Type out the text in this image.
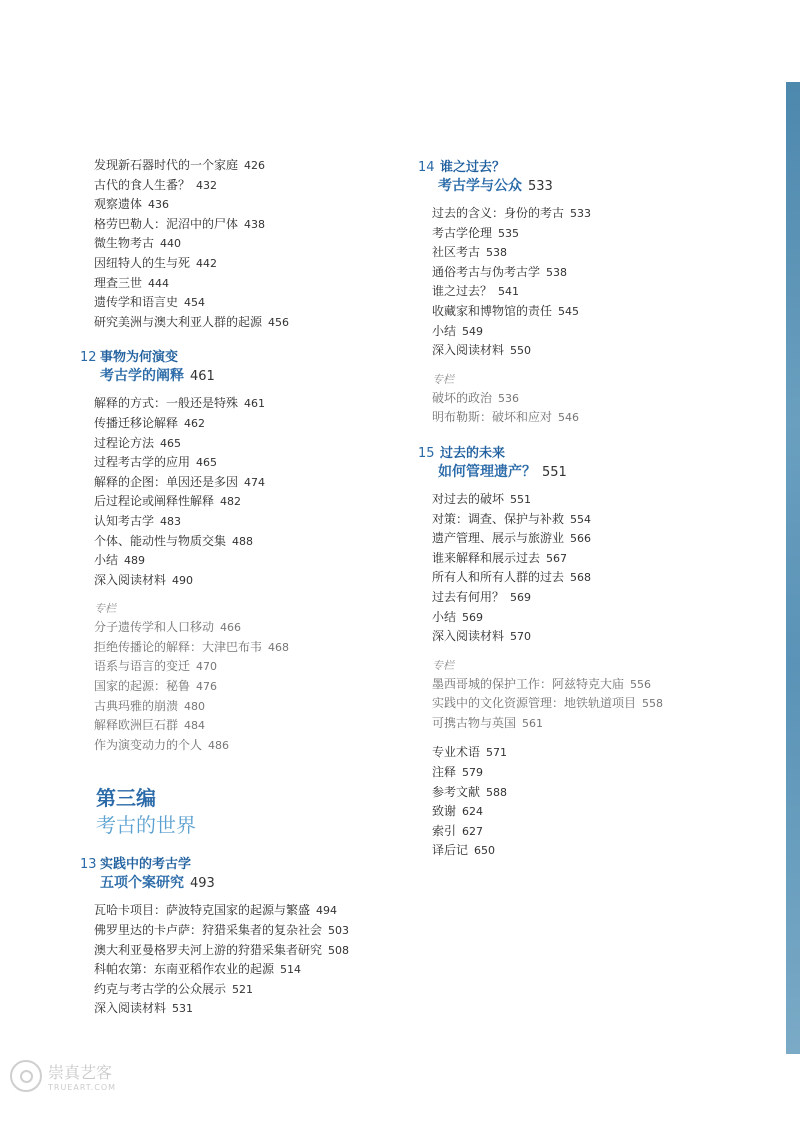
发现新石器时代的一个家庭 426
古代的食人生番？ 432
观察遗体 436
格劳巴勒人：泥沼中的尸体 438
微生物考古 440
因纽特人的生与死 442
理查三世 444
遗传学和语言史 454
研究美洲与澳大利亚人群的起源 456
12 事物为何演变
考古学的阐释 461
解释的方式：一般还是特殊 461
传播迁移论解释 462
过程论方法 465
过程考古学的应用 465
解释的企图：单因还是多因 474
后过程论或阐释性解释 482
认知考古学 483
个体、能动性与物质交集 488
小结 489
深入阅读材料 490
专栏
分子遗传学和人口移动 466
拒绝传播论的解释：大津巴布韦 468
语系与语言的变迁 470
国家的起源：秘鲁 476
古典玛雅的崩溃 480
解释欧洲巨石群 484
作为演变动力的个人 486
第三编
考古的世界
13 实践中的考古学
五项个案研究 493
瓦哈卡项目：萨波特克国家的起源与繁盛 494
佛罗里达的卡卢萨：狩猎采集者的复杂社会 503
澳大利亚曼格罗夫河上游的狩猎采集者研究 508
科帕农第：东南亚稻作农业的起源 514
约克与考古学的公众展示 521
深入阅读材料 531
14 谁之过去？
考古学与公众 533
过去的含义：身份的考古 533
考古学伦理 535
社区考古 538
通俗考古与伪考古学 538
谁之过去？ 541
收藏家和博物馆的责任 545
小结 549
深入阅读材料 550
专栏
破坏的政治 536
明布勒斯：破坏和应对 546
15 过去的未来
如何管理遗产？ 551
对过去的破坏 551
对策：调查、保护与补救 554
遗产管理、展示与旅游业 566
谁来解释和展示过去 567
所有人和所有人群的过去 568
过去有何用？ 569
小结 569
深入阅读材料 570
专栏
墨西哥城的保护工作：阿兹特克大庙 556
实践中的文化资源管理：地铁轨道项目 558
可携古物与英国 561
专业术语 571
注释 579
参考文献 588
致谢 624
索引 627
译后记 650
崇真艺客
TRUEART.COM
